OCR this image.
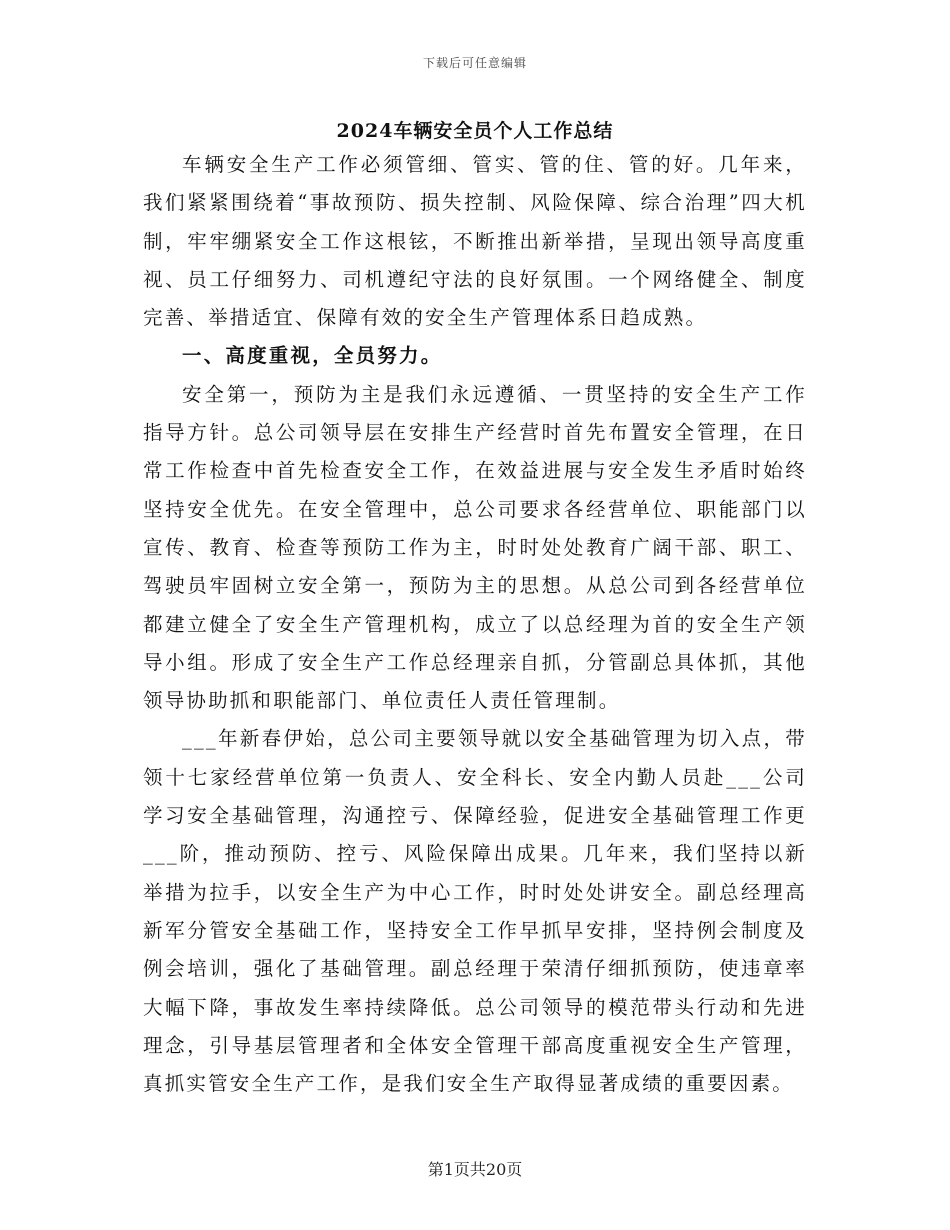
下载后可任意编辑
2024车辆安全员个人工作总结

车辆安全生产工作必须管细、管实、管的住、管的好。几年来，我们紧紧围绕着“事故预防、损失控制、风险保障、综合治理”四大机制，牢牢绷紧安全工作这根铉，不断推出新举措，呈现出领导高度重视、员工仔细努力、司机遵纪守法的良好氛围。一个网络健全、制度完善、举措适宜、保障有效的安全生产管理体系日趋成熟。

一、高度重视，全员努力。

安全第一，预防为主是我们永远遵循、一贯坚持的安全生产工作指导方针。总公司领导层在安排生产经营时首先布置安全管理，在日常工作检查中首先检查安全工作，在效益进展与安全发生矛盾时始终坚持安全优先。在安全管理中，总公司要求各经营单位、职能部门以宣传、教育、检查等预防工作为主，时时处处教育广阔干部、职工、驾驶员牢固树立安全第一，预防为主的思想。从总公司到各经营单位都建立健全了安全生产管理机构，成立了以总经理为首的安全生产领导小组。形成了安全生产工作总经理亲自抓，分管副总具体抓，其他领导协助抓和职能部门、单位责任人责任管理制。

___年新春伊始，总公司主要领导就以安全基础管理为切入点，带领十七家经营单位第一负责人、安全科长、安全内勤人员赴___公司学习安全基础管理，沟通控亏、保障经验，促进安全基础管理工作更___阶，推动预防、控亏、风险保障出成果。几年来，我们坚持以新举措为拉手，以安全生产为中心工作，时时处处讲安全。副总经理高新军分管安全基础工作，坚持安全工作早抓早安排，坚持例会制度及例会培训，强化了基础管理。副总经理于荣清仔细抓预防，使违章率大幅下降，事故发生率持续降低。总公司领导的模范带头行动和先进理念，引导基层管理者和全体安全管理干部高度重视安全生产管理，真抓实管安全生产工作，是我们安全生产取得显著成绩的重要因素。

第1页共20页
